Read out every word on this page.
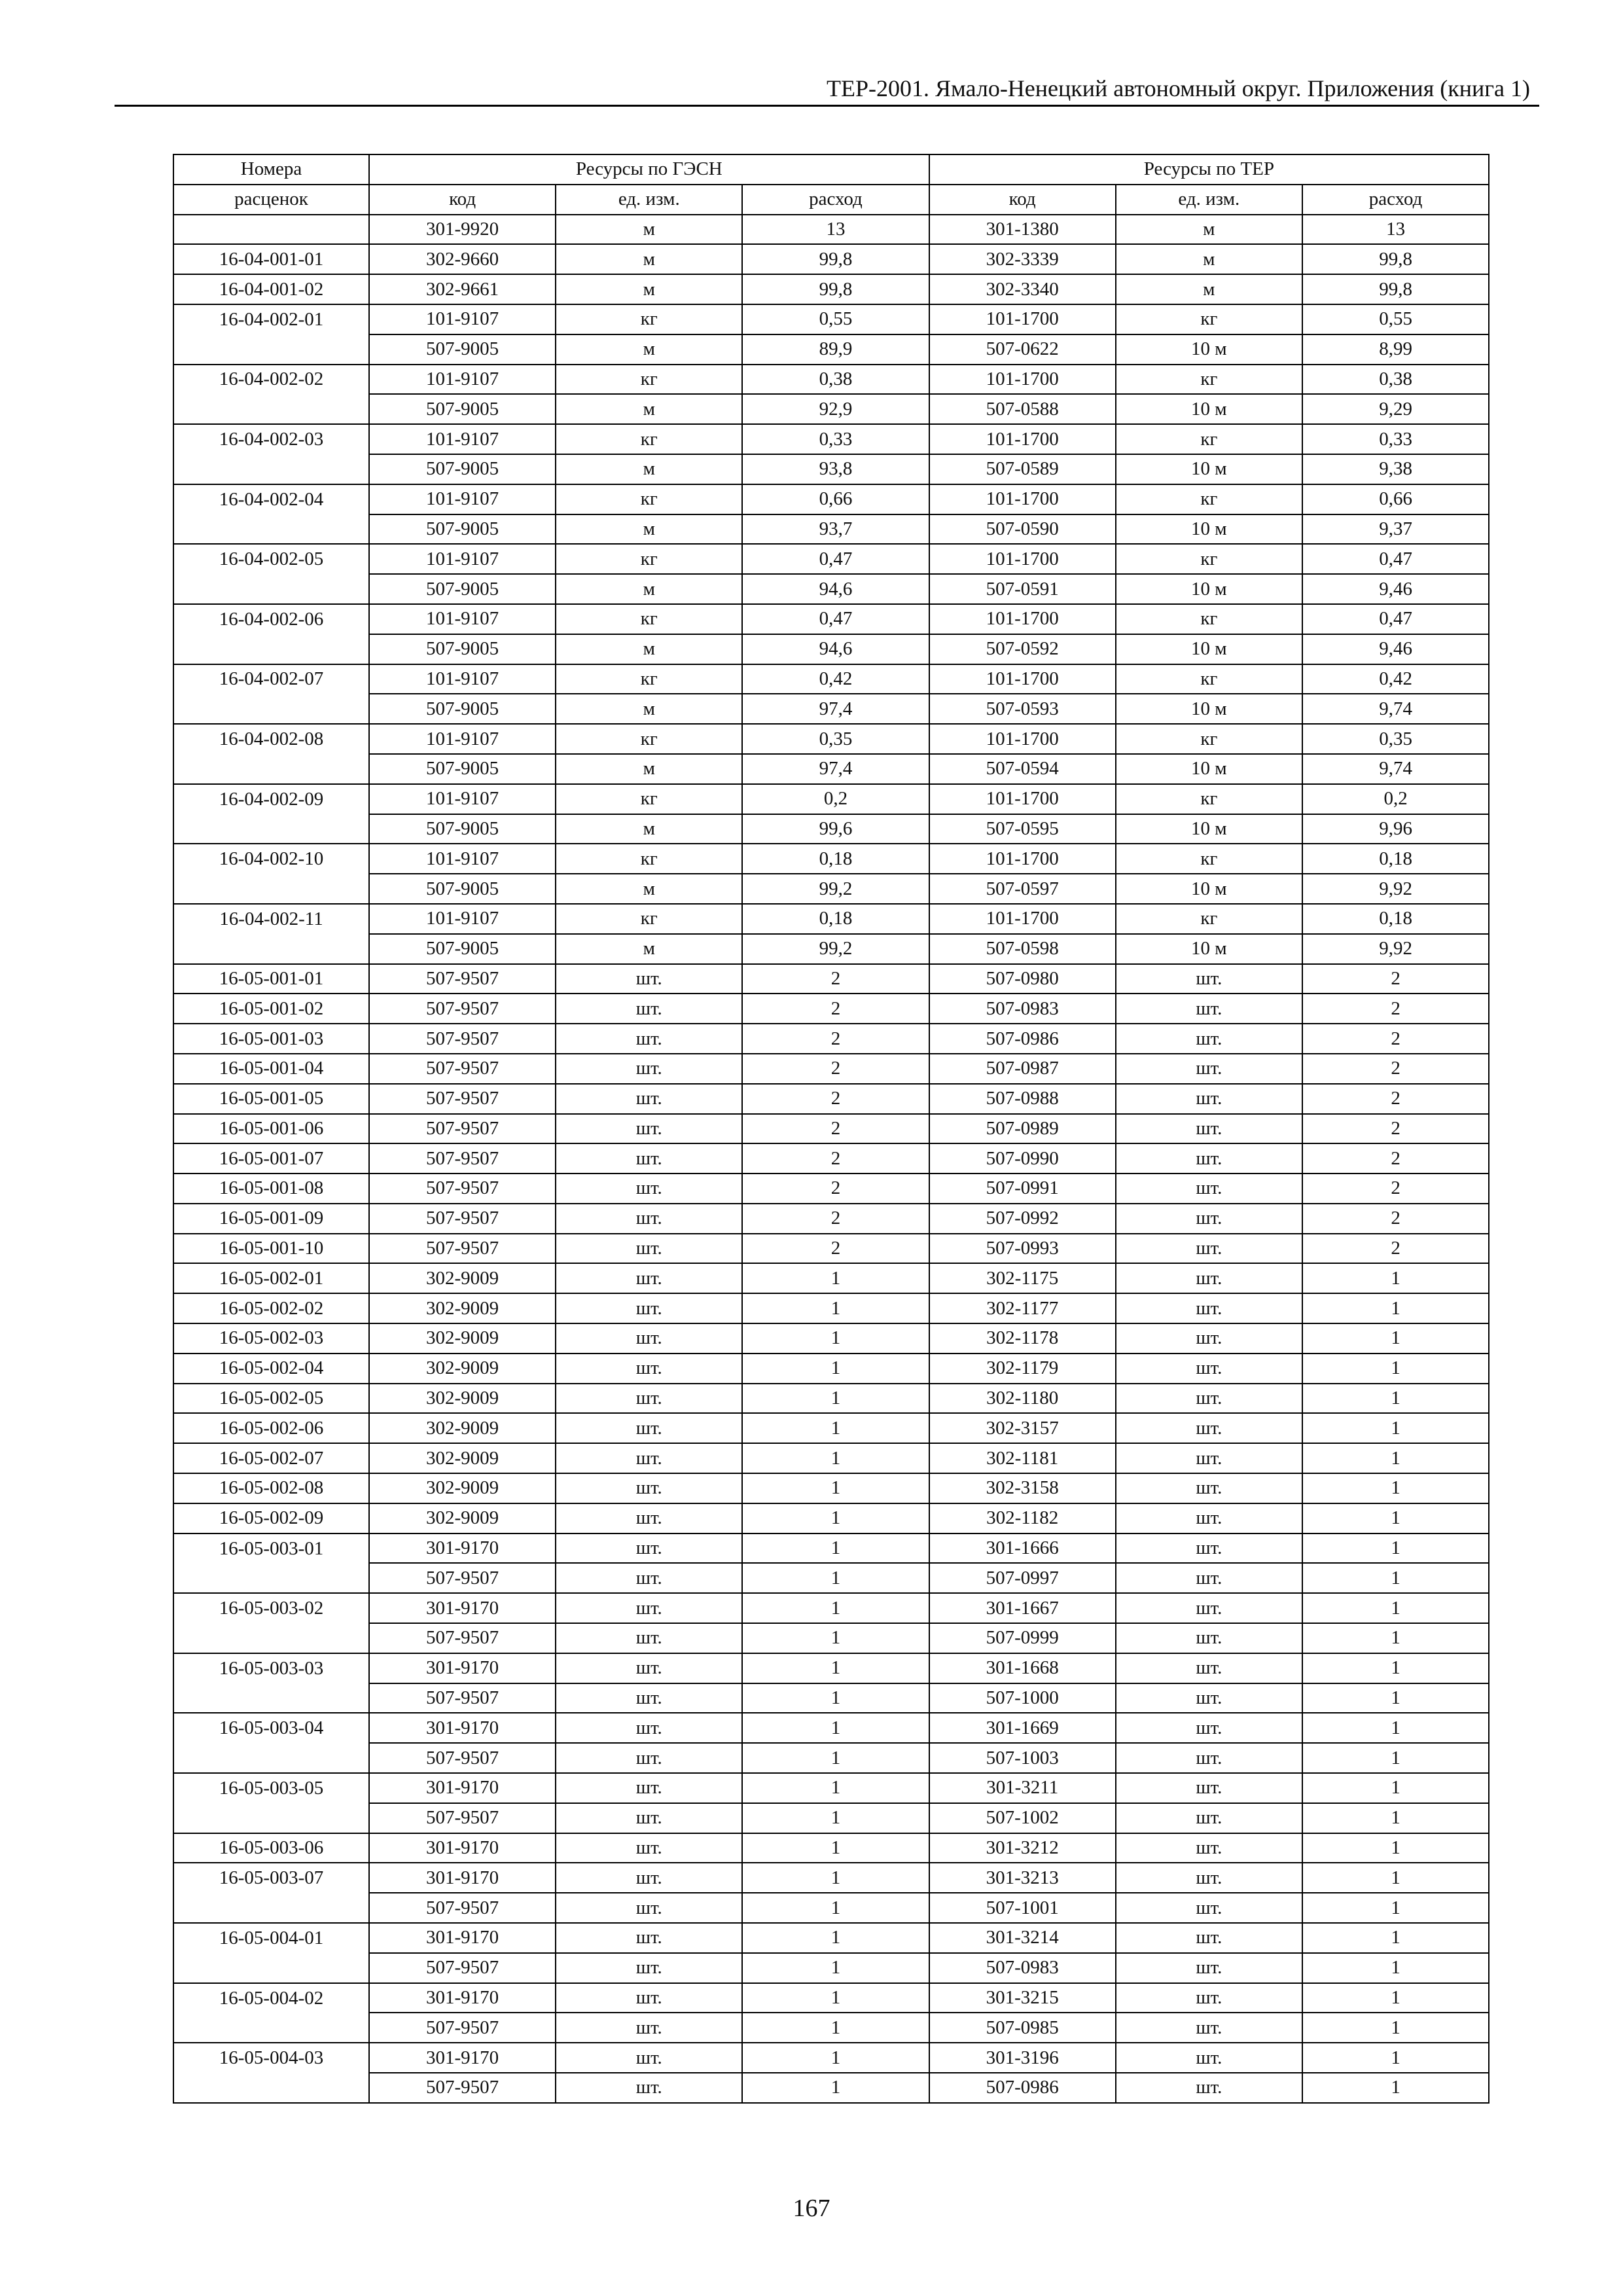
ТЕР-2001. Ямало-Ненецкий автономный округ. Приложения (книга 1)
Номера	Ресурсы по ГЭСН			Ресурсы по ТЕР		
расценок	код	ед. изм.	расход	код	ед. изм.	расход
	301-9920	м	13	301-1380	м	13
16-04-001-01	302-9660	м	99,8	302-3339	м	99,8
16-04-001-02	302-9661	м	99,8	302-3340	м	99,8
16-04-002-01	101-9107	кг	0,55	101-1700	кг	0,55
	507-9005	м	89,9	507-0622	10 м	8,99
16-04-002-02	101-9107	кг	0,38	101-1700	кг	0,38
	507-9005	м	92,9	507-0588	10 м	9,29
16-04-002-03	101-9107	кг	0,33	101-1700	кг	0,33
	507-9005	м	93,8	507-0589	10 м	9,38
16-04-002-04	101-9107	кг	0,66	101-1700	кг	0,66
	507-9005	м	93,7	507-0590	10 м	9,37
16-04-002-05	101-9107	кг	0,47	101-1700	кг	0,47
	507-9005	м	94,6	507-0591	10 м	9,46
16-04-002-06	101-9107	кг	0,47	101-1700	кг	0,47
	507-9005	м	94,6	507-0592	10 м	9,46
16-04-002-07	101-9107	кг	0,42	101-1700	кг	0,42
	507-9005	м	97,4	507-0593	10 м	9,74
16-04-002-08	101-9107	кг	0,35	101-1700	кг	0,35
	507-9005	м	97,4	507-0594	10 м	9,74
16-04-002-09	101-9107	кг	0,2	101-1700	кг	0,2
	507-9005	м	99,6	507-0595	10 м	9,96
16-04-002-10	101-9107	кг	0,18	101-1700	кг	0,18
	507-9005	м	99,2	507-0597	10 м	9,92
16-04-002-11	101-9107	кг	0,18	101-1700	кг	0,18
	507-9005	м	99,2	507-0598	10 м	9,92
16-05-001-01	507-9507	шт.	2	507-0980	шт.	2
16-05-001-02	507-9507	шт.	2	507-0983	шт.	2
16-05-001-03	507-9507	шт.	2	507-0986	шт.	2
16-05-001-04	507-9507	шт.	2	507-0987	шт.	2
16-05-001-05	507-9507	шт.	2	507-0988	шт.	2
16-05-001-06	507-9507	шт.	2	507-0989	шт.	2
16-05-001-07	507-9507	шт.	2	507-0990	шт.	2
16-05-001-08	507-9507	шт.	2	507-0991	шт.	2
16-05-001-09	507-9507	шт.	2	507-0992	шт.	2
16-05-001-10	507-9507	шт.	2	507-0993	шт.	2
16-05-002-01	302-9009	шт.	1	302-1175	шт.	1
16-05-002-02	302-9009	шт.	1	302-1177	шт.	1
16-05-002-03	302-9009	шт.	1	302-1178	шт.	1
16-05-002-04	302-9009	шт.	1	302-1179	шт.	1
16-05-002-05	302-9009	шт.	1	302-1180	шт.	1
16-05-002-06	302-9009	шт.	1	302-3157	шт.	1
16-05-002-07	302-9009	шт.	1	302-1181	шт.	1
16-05-002-08	302-9009	шт.	1	302-3158	шт.	1
16-05-002-09	302-9009	шт.	1	302-1182	шт.	1
16-05-003-01	301-9170	шт.	1	301-1666	шт.	1
	507-9507	шт.	1	507-0997	шт.	1
16-05-003-02	301-9170	шт.	1	301-1667	шт.	1
	507-9507	шт.	1	507-0999	шт.	1
16-05-003-03	301-9170	шт.	1	301-1668	шт.	1
	507-9507	шт.	1	507-1000	шт.	1
16-05-003-04	301-9170	шт.	1	301-1669	шт.	1
	507-9507	шт.	1	507-1003	шт.	1
16-05-003-05	301-9170	шт.	1	301-3211	шт.	1
	507-9507	шт.	1	507-1002	шт.	1
16-05-003-06	301-9170	шт.	1	301-3212	шт.	1
16-05-003-07	301-9170	шт.	1	301-3213	шт.	1
	507-9507	шт.	1	507-1001	шт.	1
16-05-004-01	301-9170	шт.	1	301-3214	шт.	1
	507-9507	шт.	1	507-0983	шт.	1
16-05-004-02	301-9170	шт.	1	301-3215	шт.	1
	507-9507	шт.	1	507-0985	шт.	1
16-05-004-03	301-9170	шт.	1	301-3196	шт.	1
	507-9507	шт.	1	507-0986	шт.	1
167
